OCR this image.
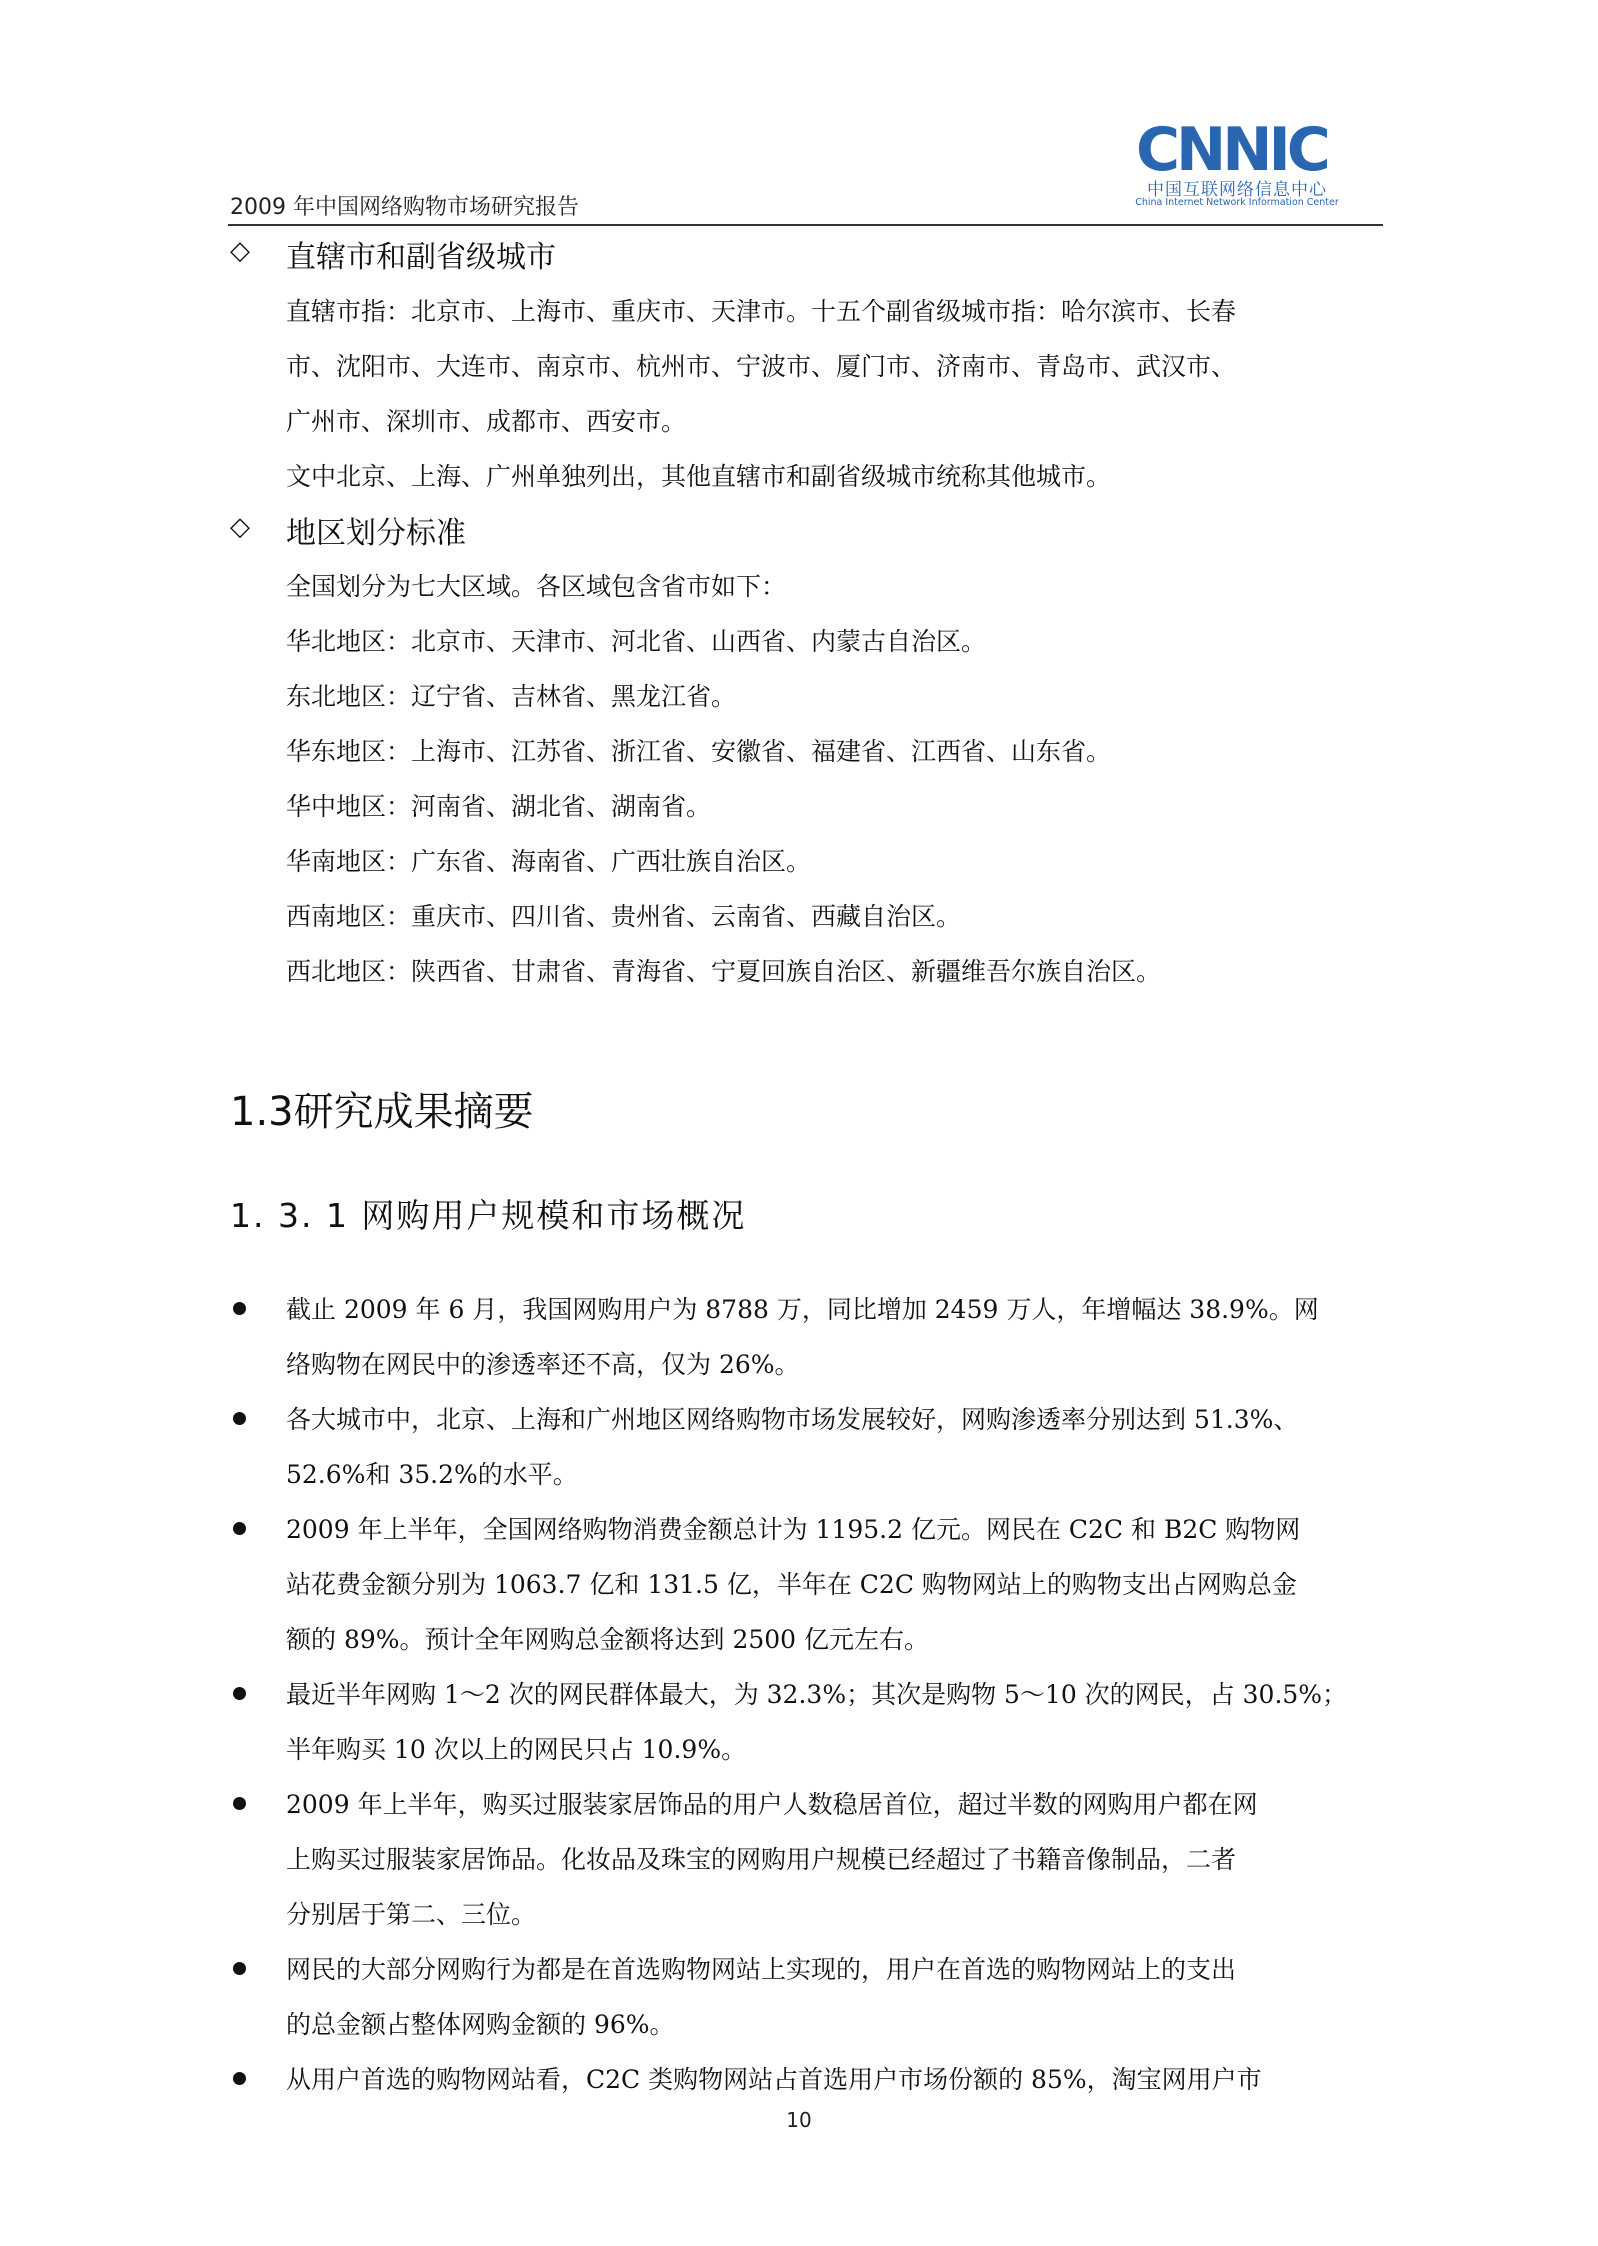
2009 年中国网络购物市场研究报告
CNNIC
中国互联网络信息中心
China Internet Network Information Center
◇ 直辖市和副省级城市
直辖市指：北京市、上海市、重庆市、天津市。十五个副省级城市指：哈尔滨市、长春
市、沈阳市、大连市、南京市、杭州市、宁波市、厦门市、济南市、青岛市、武汉市、
广州市、深圳市、成都市、西安市。
文中北京、上海、广州单独列出，其他直辖市和副省级城市统称其他城市。
◇ 地区划分标准
全国划分为七大区域。各区域包含省市如下：
华北地区：北京市、天津市、河北省、山西省、内蒙古自治区。
东北地区：辽宁省、吉林省、黑龙江省。
华东地区：上海市、江苏省、浙江省、安徽省、福建省、江西省、山东省。
华中地区：河南省、湖北省、湖南省。
华南地区：广东省、海南省、广西壮族自治区。
西南地区：重庆市、四川省、贵州省、云南省、西藏自治区。
西北地区：陕西省、甘肃省、青海省、宁夏回族自治区、新疆维吾尔族自治区。
1.3研究成果摘要
1. 3. 1 网购用户规模和市场概况
截止 2009 年 6 月，我国网购用户为 8788 万，同比增加 2459 万人，年增幅达 38.9%。网
络购物在网民中的渗透率还不高，仅为 26%。
各大城市中，北京、上海和广州地区网络购物市场发展较好，网购渗透率分别达到 51.3%、
52.6%和 35.2%的水平。
2009 年上半年，全国网络购物消费金额总计为 1195.2 亿元。网民在 C2C 和 B2C 购物网
站花费金额分别为 1063.7 亿和 131.5 亿，半年在 C2C 购物网站上的购物支出占网购总金
额的 89%。预计全年网购总金额将达到 2500 亿元左右。
最近半年网购 1～2 次的网民群体最大，为 32.3%；其次是购物 5～10 次的网民，占 30.5%；
半年购买 10 次以上的网民只占 10.9%。
2009 年上半年，购买过服装家居饰品的用户人数稳居首位，超过半数的网购用户都在网
上购买过服装家居饰品。化妆品及珠宝的网购用户规模已经超过了书籍音像制品，二者
分别居于第二、三位。
网民的大部分网购行为都是在首选购物网站上实现的，用户在首选的购物网站上的支出
的总金额占整体网购金额的 96%。
从用户首选的购物网站看，C2C 类购物网站占首选用户市场份额的 85%，淘宝网用户市
10
